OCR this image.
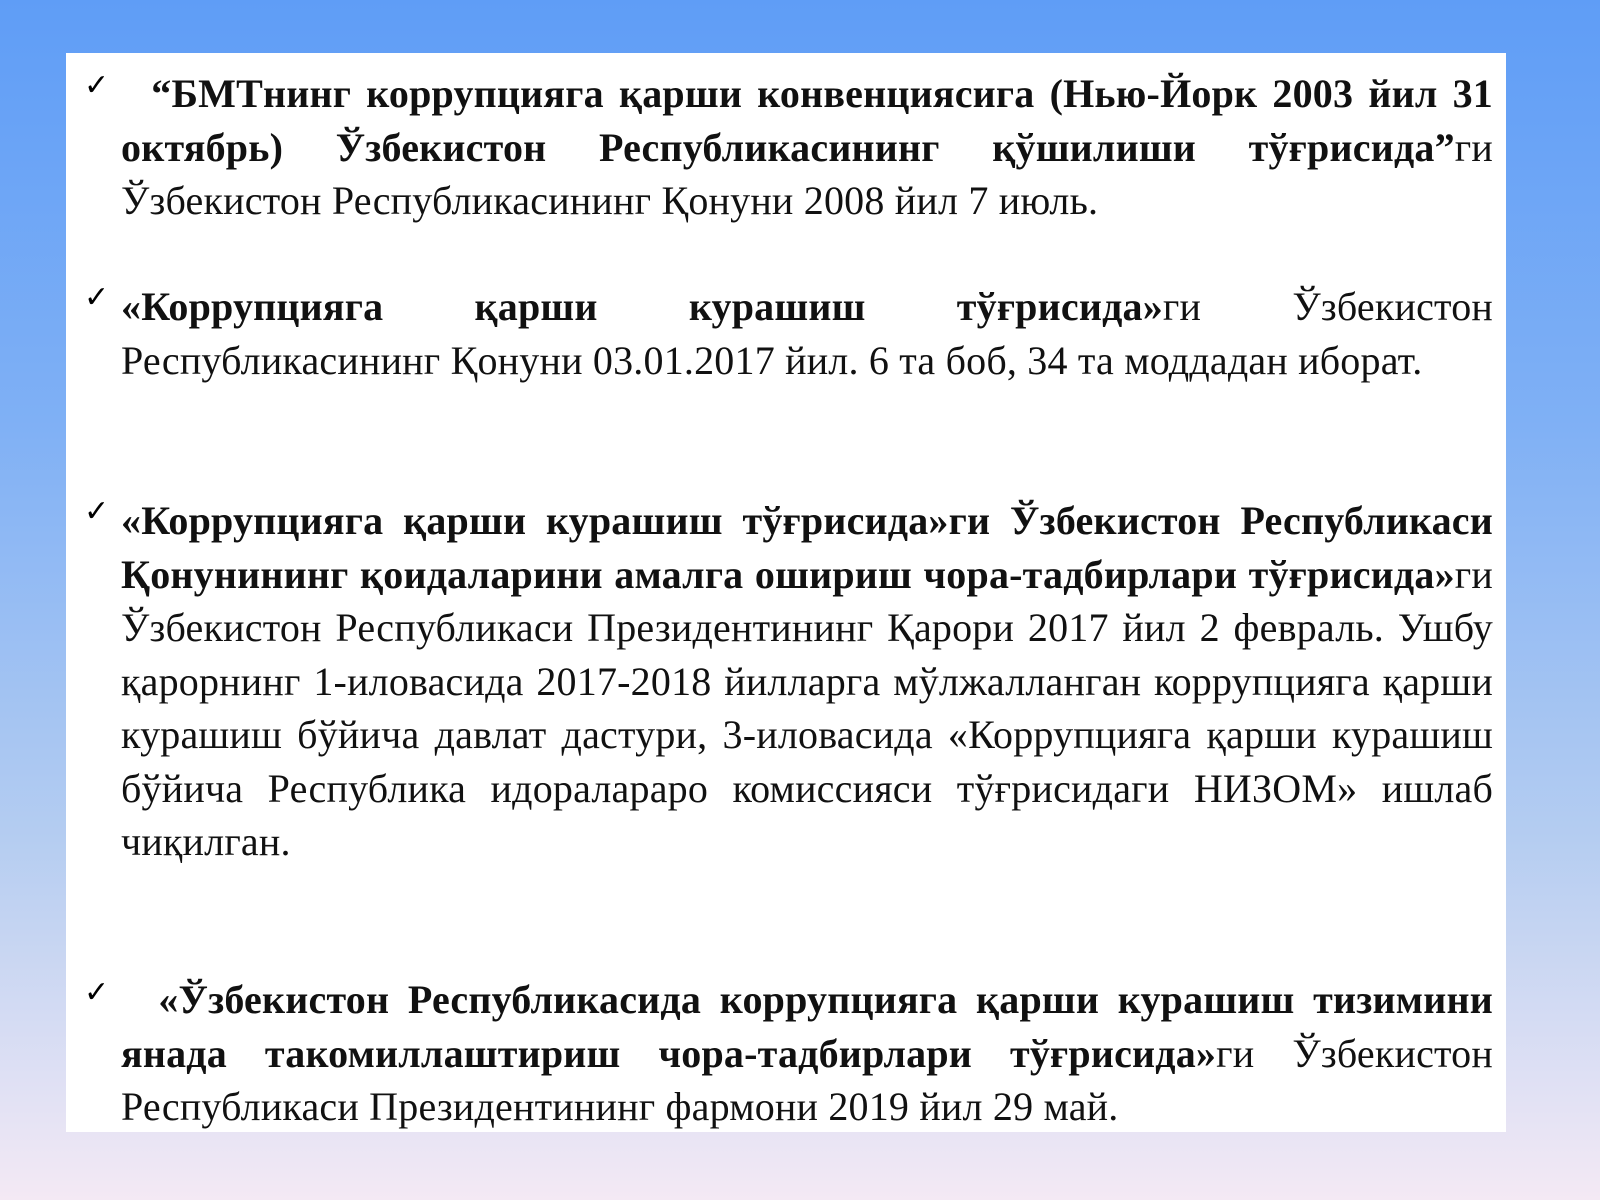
✓ “БМТнинг коррупцияга қарши конвенциясига (Нью-Йорк 2003 йил 31 октябрь) Ўзбекистон Республикасининг қўшилиши тўғрисида”ги Ўзбекистон Республикасининг Қонуни 2008 йил 7 июль.

✓ «Коррупцияга қарши курашиш тўғрисида»ги Ўзбекистон Республикасининг Қонуни 03.01.2017 йил. 6 та боб, 34 та моддадан иборат.

✓ «Коррупцияга қарши курашиш тўғрисида»ги Ўзбекистон Республикаси Қонунининг қоидаларини амалга ошириш чора-тадбирлари тўғрисида»ги Ўзбекистон Республикаси Президентининг Қарори 2017 йил 2 февраль. Ушбу қарорнинг 1-иловасида 2017-2018 йилларга мўлжалланган коррупцияга қарши курашиш бўйича давлат дастури, 3-иловасида «Коррупцияга қарши курашиш бўйича Республика идоралараро комиссияси тўғрисидаги НИЗОМ» ишлаб чиқилган.

✓ «Ўзбекистон Республикасида коррупцияга қарши курашиш тизимини янада такомиллаштириш чора-тадбирлари тўғрисида»ги Ўзбекистон Республикаси Президентининг фармони 2019 йил 29 май.
